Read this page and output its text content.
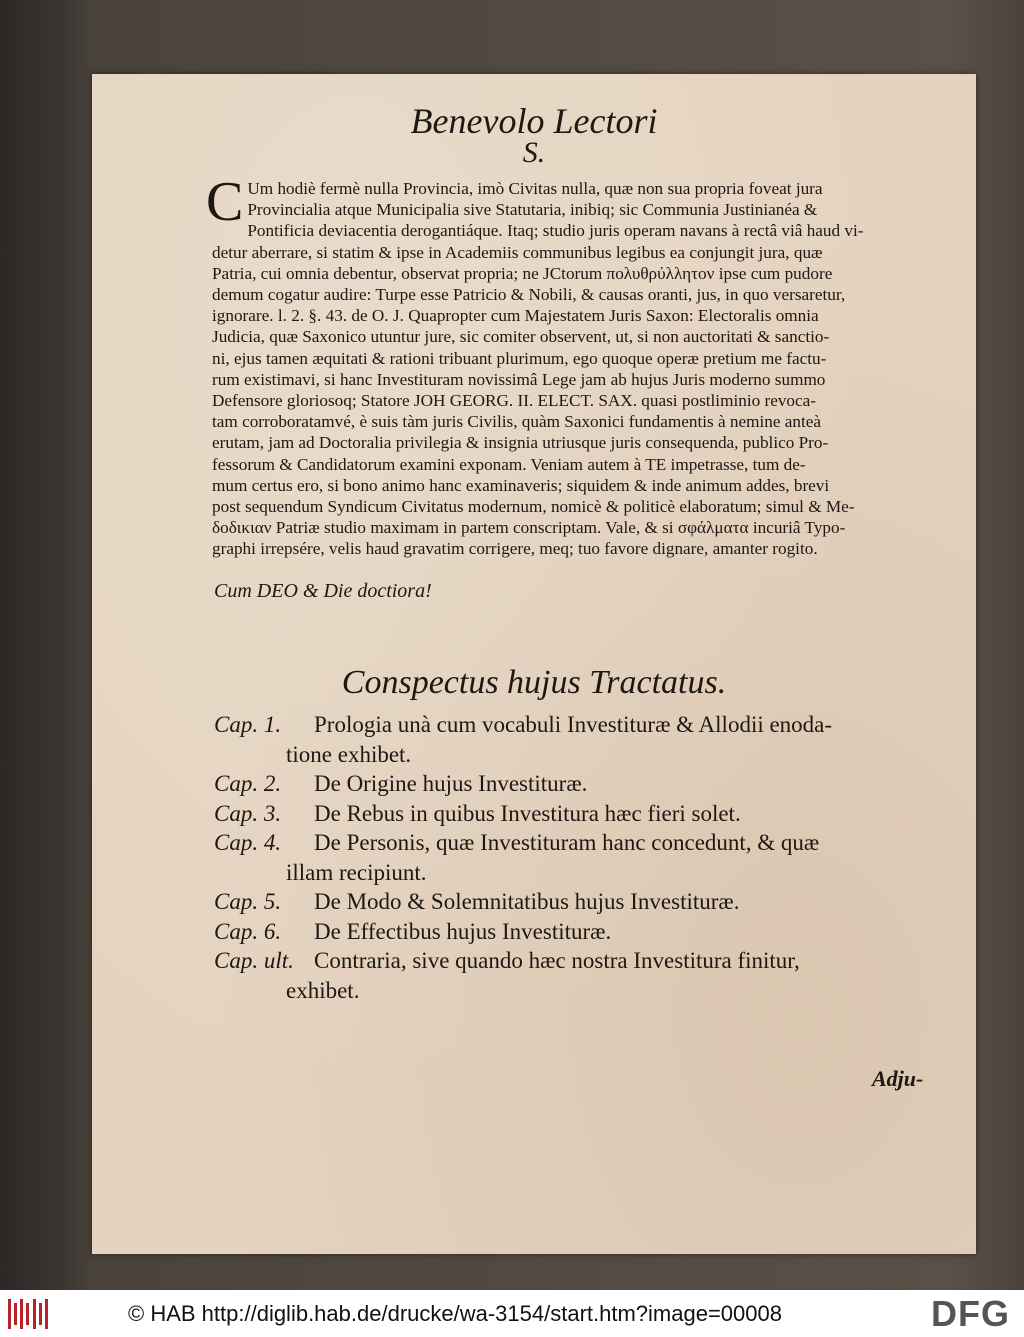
Benevolo Lectori
S.
C Um hodiè fermè nulla Provincia, imò Civitas nulla, quæ non sua propria foveat jura
Provincialia atque Municipalia sive Statutaria, inibiq; sic Communia Justinianéa &
Pontificia deviacentia derogantiáque. Itaq; studio juris operam navans à rectâ viâ haud vi-
detur aberrare, si statim & ipse in Academiis communibus legibus ea conjungit jura, quæ
Patria, cui omnia debentur, observat propria; ne JCtorum πολυθρύλλητον ipse cum pudore
demum cogatur audire: Turpe esse Patricio & Nobili, & causas oranti, jus, in quo versaretur,
ignorare. l. 2. §. 43. de O. J. Quapropter cum Majestatem Juris Saxon: Electoralis omnia
Judicia, quæ Saxonico utuntur jure, sic comiter observent, ut, si non auctoritati & sanctio-
ni, ejus tamen æquitati & rationi tribuant plurimum, ego quoque operæ pretium me factu-
rum existimavi, si hanc Investituram novissimâ Lege jam ab hujus Juris moderno summo
Defensore gloriosoq; Statore JOH GEORG. II. ELECT. SAX. quasi postliminio revoca-
tam corroboratamvé, è suis tàm juris Civilis, quàm Saxonici fundamentis à nemine anteà
erutam, jam ad Doctoralia privilegia & insignia utriusque juris consequenda, publico Pro-
fessorum & Candidatorum examini exponam. Veniam autem à TE impetrasse, tum de-
mum certus ero, si bono animo hanc examinaveris; siquidem & inde animum addes, brevi
post sequendum Syndicum Civitatus modernum, nomicè & politicè elaboratum; simul & Me-
δοδικιαν Patriæ studio maximam in partem conscriptam. Vale, & si σφάλματα incuriâ Typo-
graphi irrepsére, velis haud gravatim corrigere, meq; tuo favore dignare, amanter rogito.
Cum DEO & Die doctiora!
Conspectus hujus Tractatus.
Cap. 1.	Prologia unà cum vocabuli Investituræ & Allodii enoda-
tione exhibet.
Cap. 2.	De Origine hujus Investituræ.
Cap. 3.	De Rebus in quibus Investitura hæc fieri solet.
Cap. 4.	De Personis, quæ Investituram hanc concedunt, & quæ
illam recipiunt.
Cap. 5.	De Modo & Solemnitatibus hujus Investituræ.
Cap. 6.	De Effectibus hujus Investituræ.
Cap. ult. Contraria, sive quando hæc nostra Investitura finitur,
exhibet.
Adju-
© HAB http://diglib.hab.de/drucke/wa-3154/start.htm?image=00008	DFG
